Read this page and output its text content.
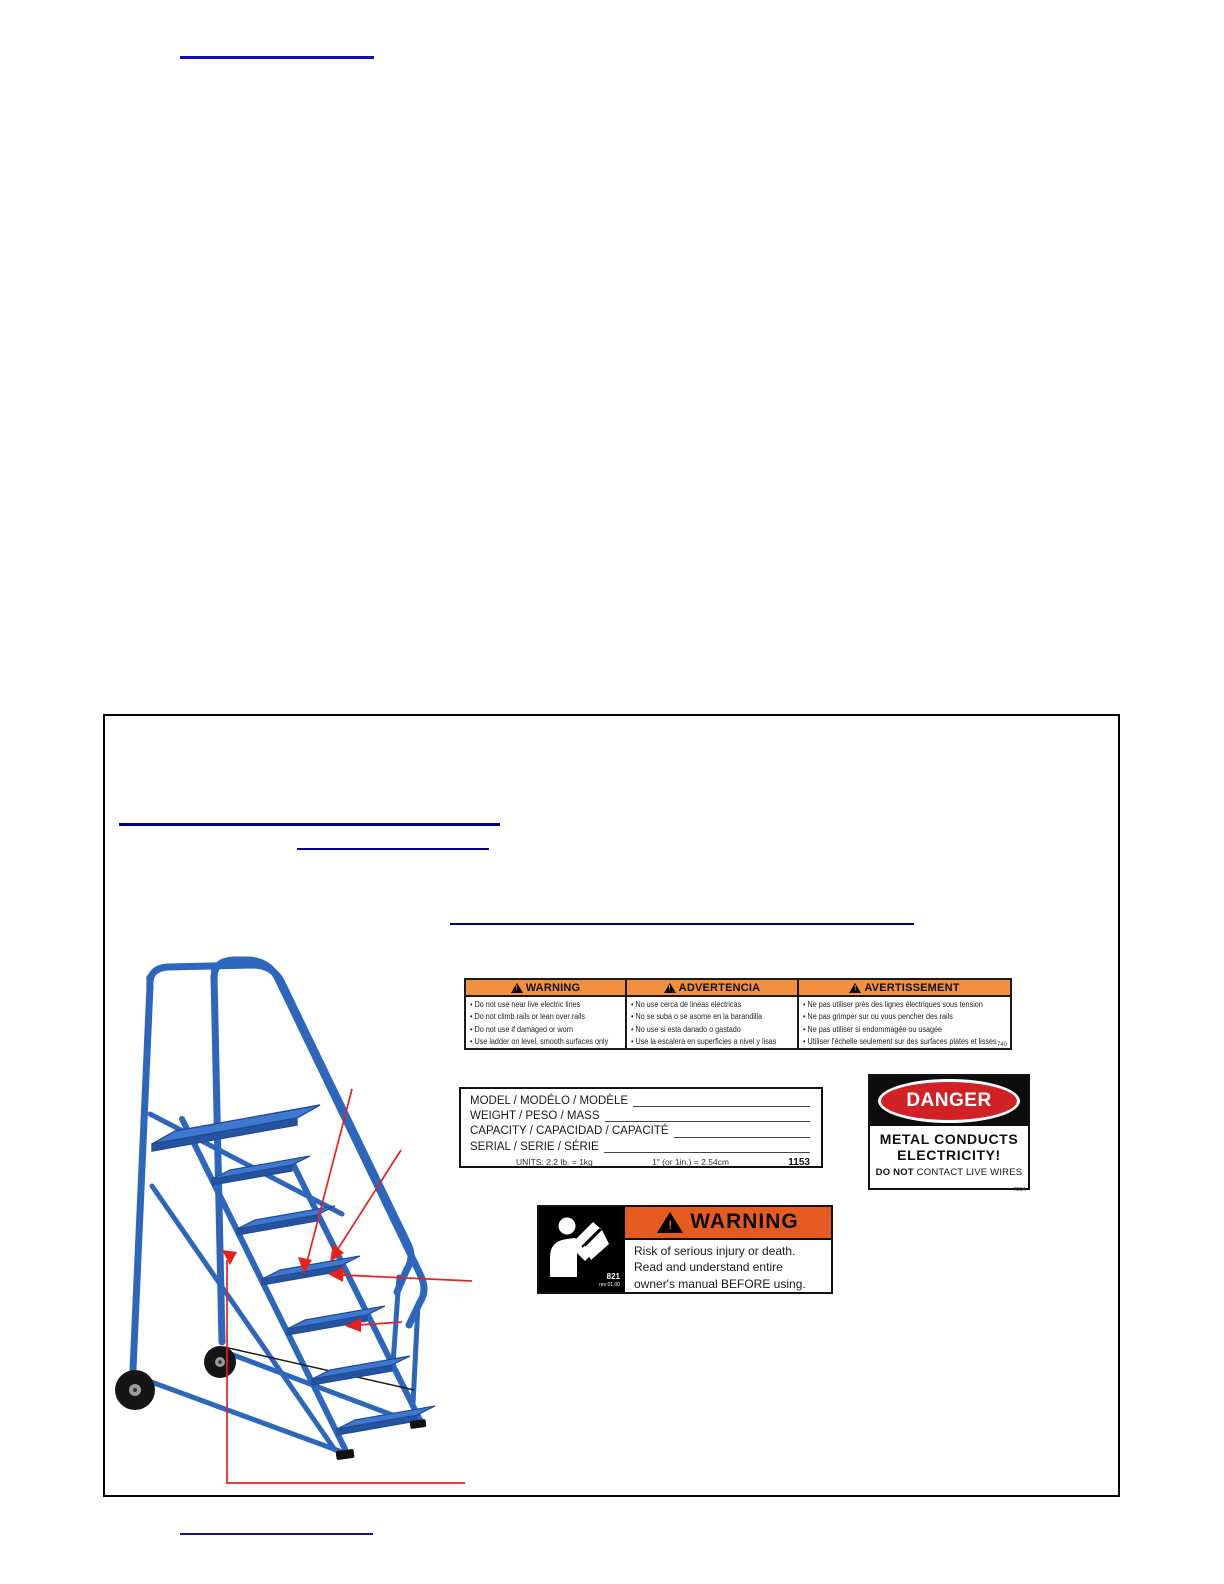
! WARNING
• Do not use near live electric lines
• Do not climb rails or lean over rails
• Do not use if damaged or worn
• Use ladder on level, smooth surfaces only
! ADVERTENCIA
• No use cerca de lineas electricas
• No se suba o se asome en la barandilla
• No use si esta danado o gastado
• Use la escalera en superficies a nivel y lisas
! AVERTISSEMENT
• Ne pas utiliser près des lignes électriques sous tension
• Ne pas grimper sur ou vous pencher des rails
• Ne pas utiliser si endommagée ou usagée
• Utiliser l'échelle seulement sur des surfaces plates et lisses 740
MODEL / MODÉLO / MODÈLE
WEIGHT / PESO / MASS
CAPACITY / CAPACIDAD / CAPACITÉ
SERIAL / SERIE / SÉRIE
UNITS: 2.2 lb. = 1kg	1" (or 1in.) = 2.54cm	1153
DANGER
METAL CONDUCTS
ELECTRICITY!
DO NOT CONTACT LIVE WIRES
729A
821
rev 01.00
! WARNING
Risk of serious injury or death.
Read and understand entire
owner's manual BEFORE using.
